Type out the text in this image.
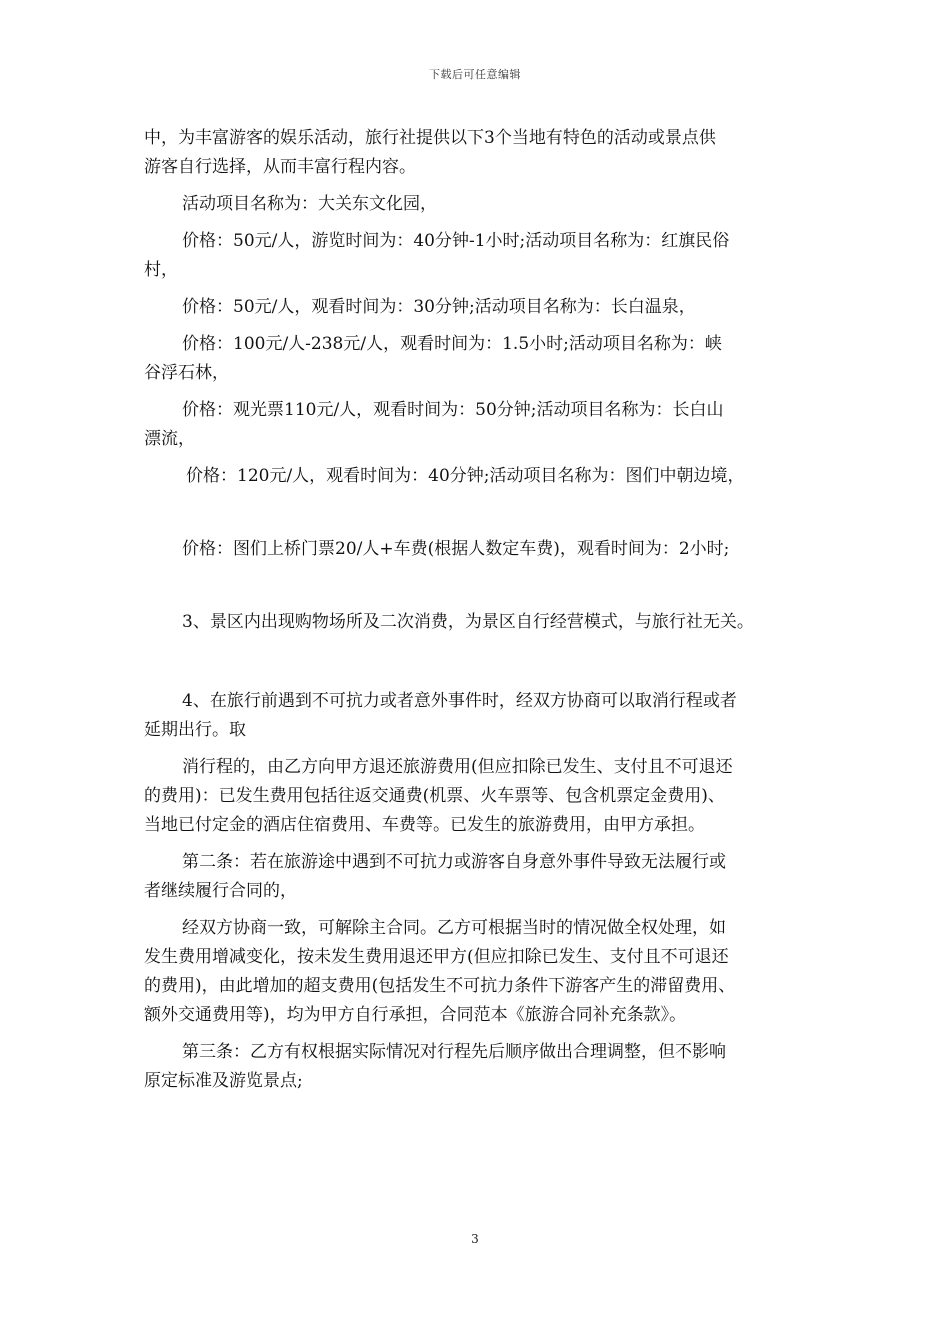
下载后可任意编辑
中，为丰富游客的娱乐活动，旅行社提供以下3个当地有特色的活动或景点供
游客自行选择，从而丰富行程内容。
活动项目名称为：大关东文化园，
价格：50元/人，游览时间为：40分钟-1小时;活动项目名称为：红旗民俗
村，
价格：50元/人，观看时间为：30分钟;活动项目名称为：长白温泉，
价格：100元/人-238元/人，观看时间为：1.5小时;活动项目名称为：峡
谷浮石林，
价格：观光票110元/人，观看时间为：50分钟;活动项目名称为：长白山
漂流，
价格：120元/人，观看时间为：40分钟;活动项目名称为：图们中朝边境，
价格：图们上桥门票20/人+车费(根据人数定车费)，观看时间为：2小时;
3、景区内出现购物场所及二次消费，为景区自行经营模式，与旅行社无关。
4、在旅行前遇到不可抗力或者意外事件时，经双方协商可以取消行程或者
延期出行。取
消行程的，由乙方向甲方退还旅游费用(但应扣除已发生、支付且不可退还
的费用)：已发生费用包括往返交通费(机票、火车票等、包含机票定金费用)、
当地已付定金的酒店住宿费用、车费等。已发生的旅游费用，由甲方承担。
第二条：若在旅游途中遇到不可抗力或游客自身意外事件导致无法履行或
者继续履行合同的，
经双方协商一致，可解除主合同。乙方可根据当时的情况做全权处理，如
发生费用增减变化，按未发生费用退还甲方(但应扣除已发生、支付且不可退还
的费用)，由此增加的超支费用(包括发生不可抗力条件下游客产生的滞留费用、
额外交通费用等)，均为甲方自行承担，合同范本《旅游合同补充条款》。
第三条：乙方有权根据实际情况对行程先后顺序做出合理调整，但不影响
原定标准及游览景点;
3
